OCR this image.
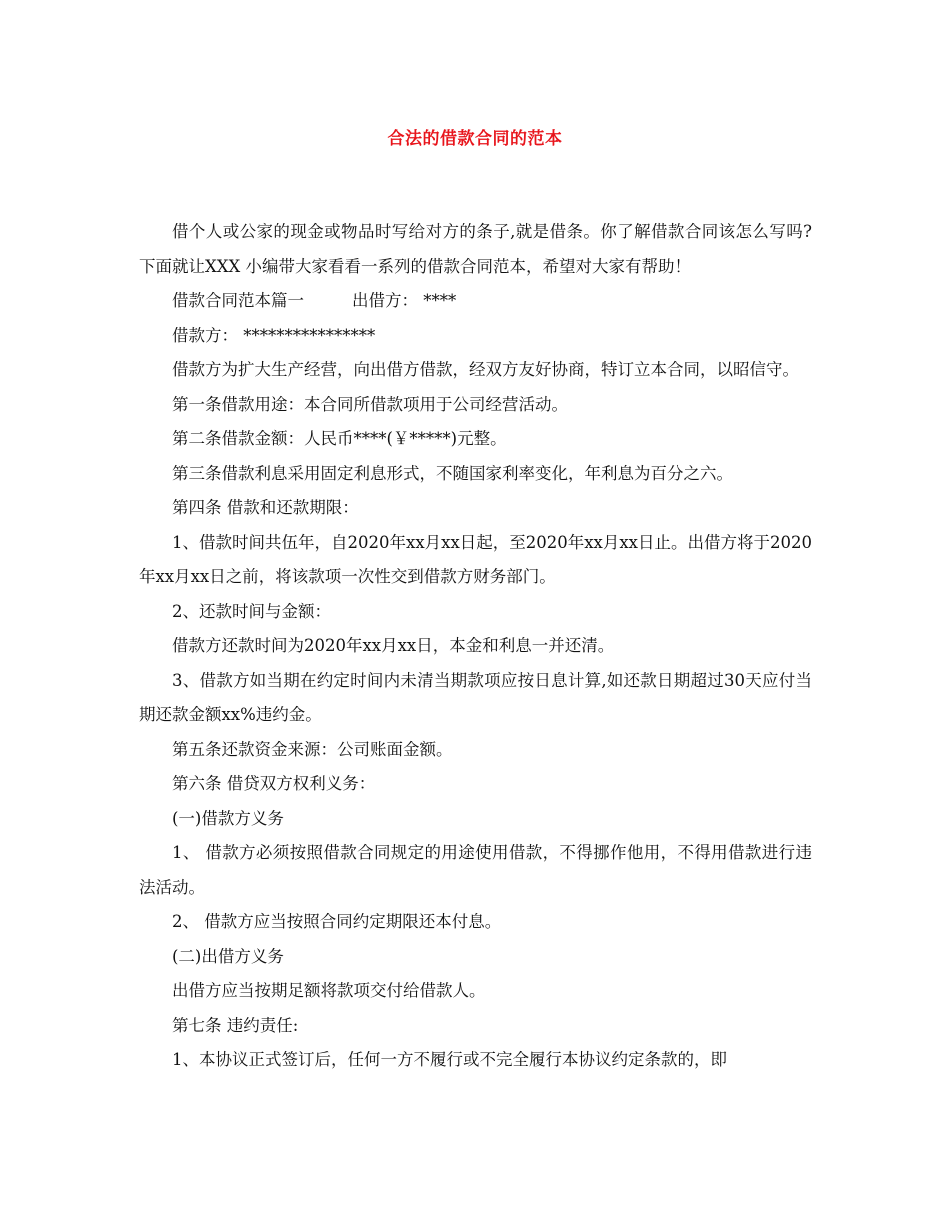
合法的借款合同的范本

借个人或公家的现金或物品时写给对方的条子,就是借条。你了解借款合同该怎么写吗?下面就让XXX 小编带大家看看一系列的借款合同范本，希望对大家有帮助！

借款合同范本篇一	出借方： ****

借款方： ****************

借款方为扩大生产经营，向出借方借款，经双方友好协商，特订立本合同，以昭信守。

第一条借款用途：本合同所借款项用于公司经营活动。

第二条借款金额：人民币****(￥*****)元整。

第三条借款利息采用固定利息形式，不随国家利率变化，年利息为百分之六。

第四条 借款和还款期限：

1、借款时间共伍年，自2020年xx月xx日起，至2020年xx月xx日止。出借方将于2020年xx月xx日之前，将该款项一次性交到借款方财务部门。

2、还款时间与金额：

借款方还款时间为2020年xx月xx日，本金和利息一并还清。

3、借款方如当期在约定时间内未清当期款项应按日息计算,如还款日期超过30天应付当期还款金额xx%违约金。

第五条还款资金来源：公司账面金额。

第六条 借贷双方权利义务：

(一)借款方义务

1、 借款方必须按照借款合同规定的用途使用借款，不得挪作他用，不得用借款进行违法活动。

2、 借款方应当按照合同约定期限还本付息。

(二)出借方义务

出借方应当按期足额将款项交付给借款人。

第七条 违约责任:

1、本协议正式签订后，任何一方不履行或不完全履行本协议约定条款的，即
